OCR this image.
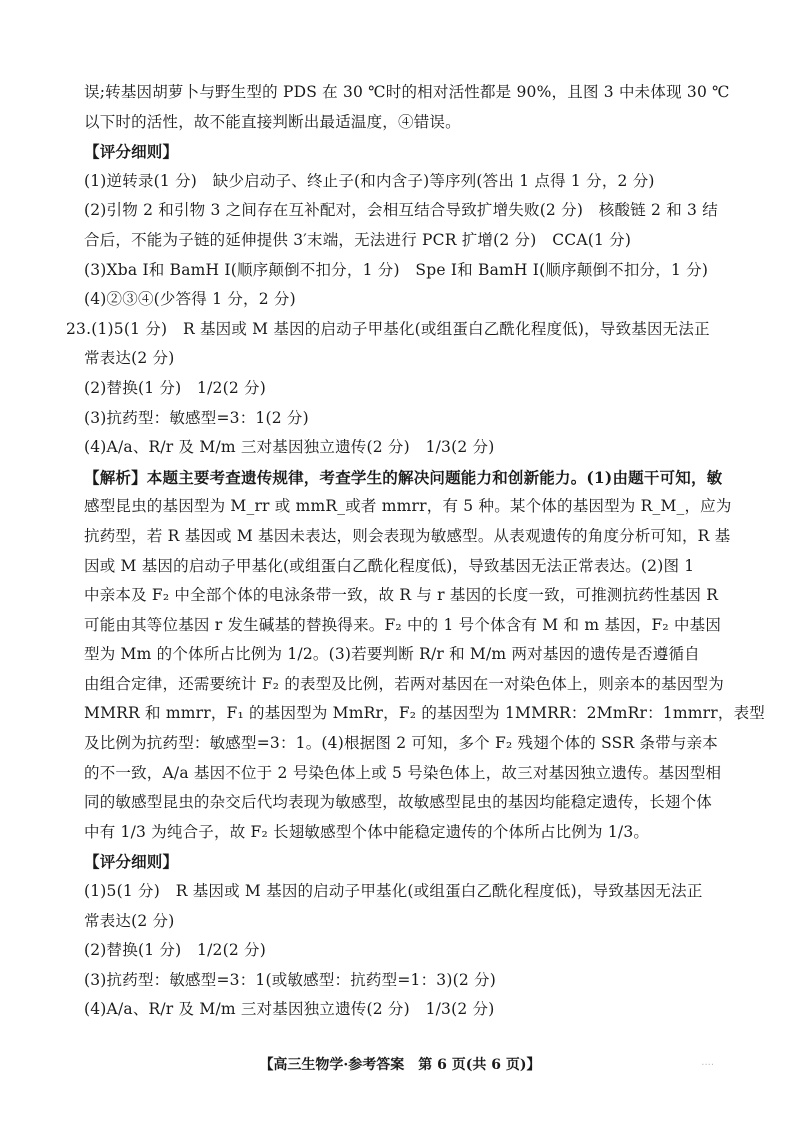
误;转基因胡萝卜与野生型的 PDS 在 30 ℃时的相对活性都是 90%，且图 3 中未体现 30 ℃
以下时的活性，故不能直接判断出最适温度，④错误。
【评分细则】
(1)逆转录(1 分)　缺少启动子、终止子(和内含子)等序列(答出 1 点得 1 分，2 分)
(2)引物 2 和引物 3 之间存在互补配对，会相互结合导致扩增失败(2 分)　核酸链 2 和 3 结
合后，不能为子链的延伸提供 3′末端，无法进行 PCR 扩增(2 分)　CCA(1 分)
(3)Xba Ⅰ和 BamH Ⅰ(顺序颠倒不扣分，1 分)　Spe Ⅰ和 BamH Ⅰ(顺序颠倒不扣分，1 分)
(4)②③④(少答得 1 分，2 分)
23.(1)5(1 分)　R 基因或 M 基因的启动子甲基化(或组蛋白乙酰化程度低)，导致基因无法正
常表达(2 分)
(2)替换(1 分)　1/2(2 分)
(3)抗药型：敏感型=3：1(2 分)
(4)A/a、R/r 及 M/m 三对基因独立遗传(2 分)　1/3(2 分)
【解析】本题主要考查遗传规律，考查学生的解决问题能力和创新能力。(1)由题干可知，敏
感型昆虫的基因型为 M_rr 或 mmR_或者 mmrr，有 5 种。某个体的基因型为 R_M_，应为
抗药型，若 R 基因或 M 基因未表达，则会表现为敏感型。从表观遗传的角度分析可知，R 基
因或 M 基因的启动子甲基化(或组蛋白乙酰化程度低)，导致基因无法正常表达。(2)图 1
中亲本及 F₂ 中全部个体的电泳条带一致，故 R 与 r 基因的长度一致，可推测抗药性基因 R
可能由其等位基因 r 发生碱基的替换得来。F₂ 中的 1 号个体含有 M 和 m 基因，F₂ 中基因
型为 Mm 的个体所占比例为 1/2。(3)若要判断 R/r 和 M/m 两对基因的遗传是否遵循自
由组合定律，还需要统计 F₂ 的表型及比例，若两对基因在一对染色体上，则亲本的基因型为
MMRR 和 mmrr，F₁ 的基因型为 MmRr，F₂ 的基因型为 1MMRR：2MmRr：1mmrr，表型
及比例为抗药型：敏感型=3：1。(4)根据图 2 可知，多个 F₂ 残翅个体的 SSR 条带与亲本
的不一致，A/a 基因不位于 2 号染色体上或 5 号染色体上，故三对基因独立遗传。基因型相
同的敏感型昆虫的杂交后代均表现为敏感型，故敏感型昆虫的基因均能稳定遗传，长翅个体
中有 1/3 为纯合子，故 F₂ 长翅敏感型个体中能稳定遗传的个体所占比例为 1/3。
【评分细则】
(1)5(1 分)　R 基因或 M 基因的启动子甲基化(或组蛋白乙酰化程度低)，导致基因无法正
常表达(2 分)
(2)替换(1 分)　1/2(2 分)
(3)抗药型：敏感型=3：1(或敏感型：抗药型=1：3)(2 分)
(4)A/a、R/r 及 M/m 三对基因独立遗传(2 分)　1/3(2 分)
【高三生物学·参考答案　第 6 页(共 6 页)】	····
